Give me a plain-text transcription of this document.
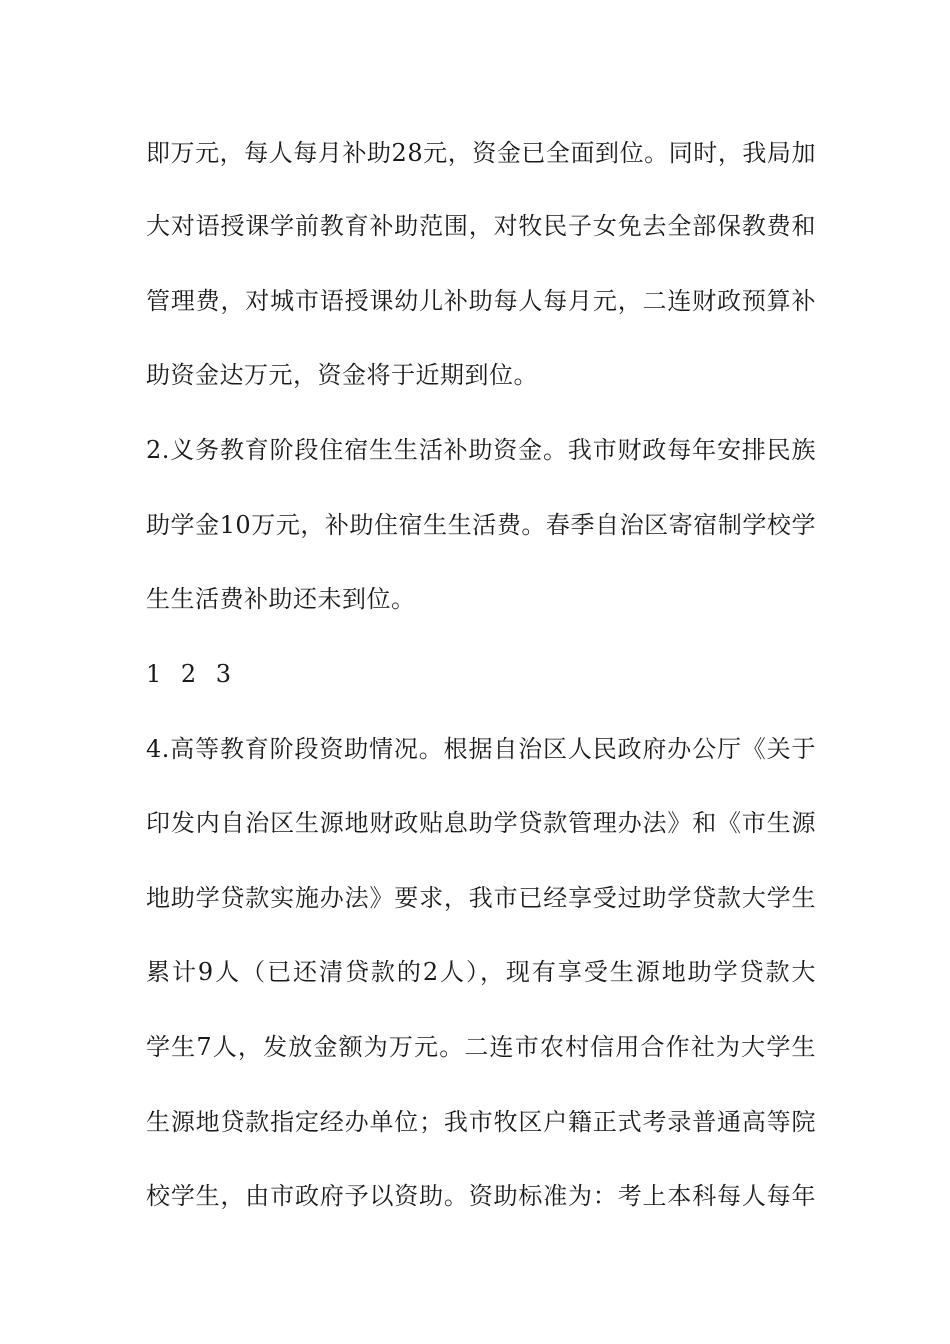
即万元，每人每月补助28元，资金已全面到位。同时，我局加
大对语授课学前教育补助范围，对牧民子女免去全部保教费和
管理费，对城市语授课幼儿补助每人每月元，二连财政预算补
助资金达万元，资金将于近期到位。
2.义务教育阶段住宿生生活补助资金。我市财政每年安排民族
助学金10万元，补助住宿生生活费。春季自治区寄宿制学校学
生生活费补助还未到位。
1 2 3
4.高等教育阶段资助情况。根据自治区人民政府办公厅《关于
印发内自治区生源地财政贴息助学贷款管理办法》和《市生源
地助学贷款实施办法》要求，我市已经享受过助学贷款大学生
累计9人（已还清贷款的2人），现有享受生源地助学贷款大
学生7人，发放金额为万元。二连市农村信用合作社为大学生
生源地贷款指定经办单位；我市牧区户籍正式考录普通高等院
校学生，由市政府予以资助。资助标准为：考上本科每人每年
